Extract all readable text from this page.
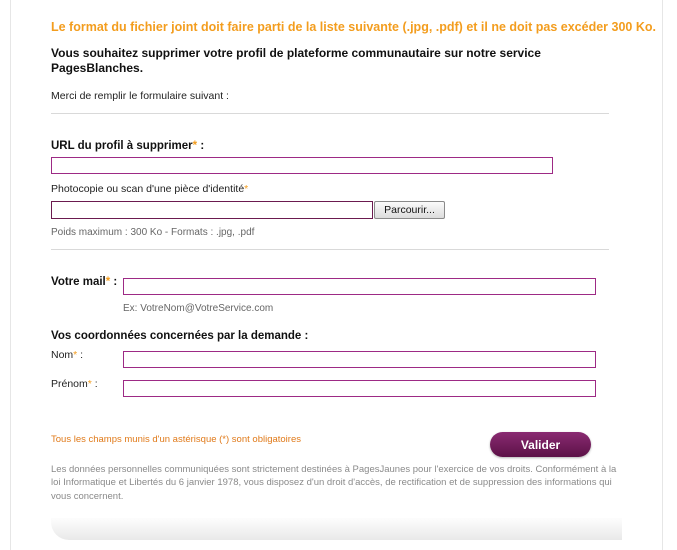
Le format du fichier joint doit faire parti de la liste suivante (.jpg, .pdf) et il ne doit pas excéder 300 Ko.
Vous souhaitez supprimer votre profil de plateforme communautaire sur notre service PagesBlanches.
Merci de remplir le formulaire suivant :
URL du profil à supprimer* :
Photocopie ou scan d'une pièce d'identité*
Parcourir...
Poids maximum : 300 Ko - Formats : .jpg, .pdf
Votre mail* :
Ex: VotreNom@VotreService.com
Vos coordonnées concernées par la demande :
Nom* :
Prénom* :
Tous les champs munis d'un astérisque (*) sont obligatoires	Valider
Les données personnelles communiquées sont strictement destinées à PagesJaunes pour l'exercice de vos droits. Conformément à la loi Informatique et Libertés du 6 janvier 1978, vous disposez d'un droit d'accès, de rectification et de suppression des informations qui vous concernent.
